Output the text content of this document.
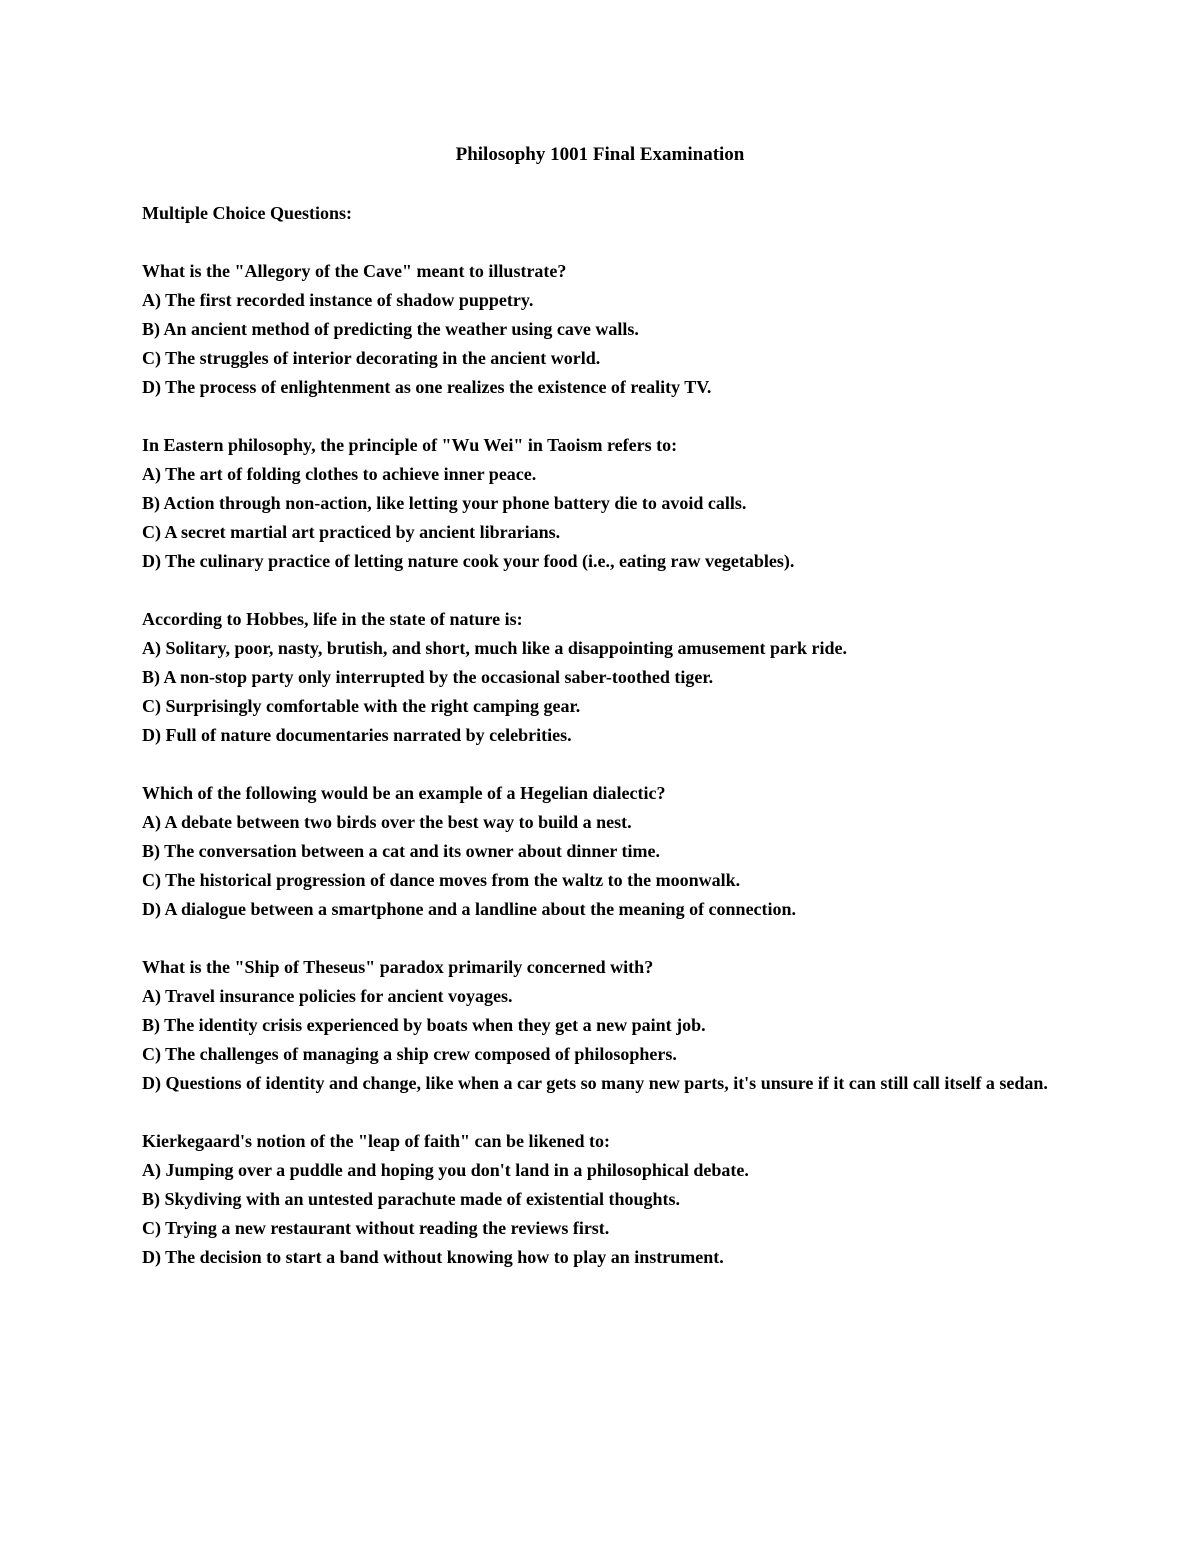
Philosophy 1001 Final Examination

Multiple Choice Questions:

What is the "Allegory of the Cave" meant to illustrate?

A) The first recorded instance of shadow puppetry.

B) An ancient method of predicting the weather using cave walls.

C) The struggles of interior decorating in the ancient world.

D) The process of enlightenment as one realizes the existence of reality TV.

In Eastern philosophy, the principle of "Wu Wei" in Taoism refers to:

A) The art of folding clothes to achieve inner peace.

B) Action through non-action, like letting your phone battery die to avoid calls.

C) A secret martial art practiced by ancient librarians.

D) The culinary practice of letting nature cook your food (i.e., eating raw vegetables).

According to Hobbes, life in the state of nature is:

A) Solitary, poor, nasty, brutish, and short, much like a disappointing amusement park ride.

B) A non-stop party only interrupted by the occasional saber-toothed tiger.

C) Surprisingly comfortable with the right camping gear.

D) Full of nature documentaries narrated by celebrities.

Which of the following would be an example of a Hegelian dialectic?

A) A debate between two birds over the best way to build a nest.

B) The conversation between a cat and its owner about dinner time.

C) The historical progression of dance moves from the waltz to the moonwalk.

D) A dialogue between a smartphone and a landline about the meaning of connection.

What is the "Ship of Theseus" paradox primarily concerned with?

A) Travel insurance policies for ancient voyages.

B) The identity crisis experienced by boats when they get a new paint job.

C) The challenges of managing a ship crew composed of philosophers.

D) Questions of identity and change, like when a car gets so many new parts, it's unsure if it can still call itself a sedan.

Kierkegaard's notion of the "leap of faith" can be likened to:

A) Jumping over a puddle and hoping you don't land in a philosophical debate.

B) Skydiving with an untested parachute made of existential thoughts.

C) Trying a new restaurant without reading the reviews first.

D) The decision to start a band without knowing how to play an instrument.
